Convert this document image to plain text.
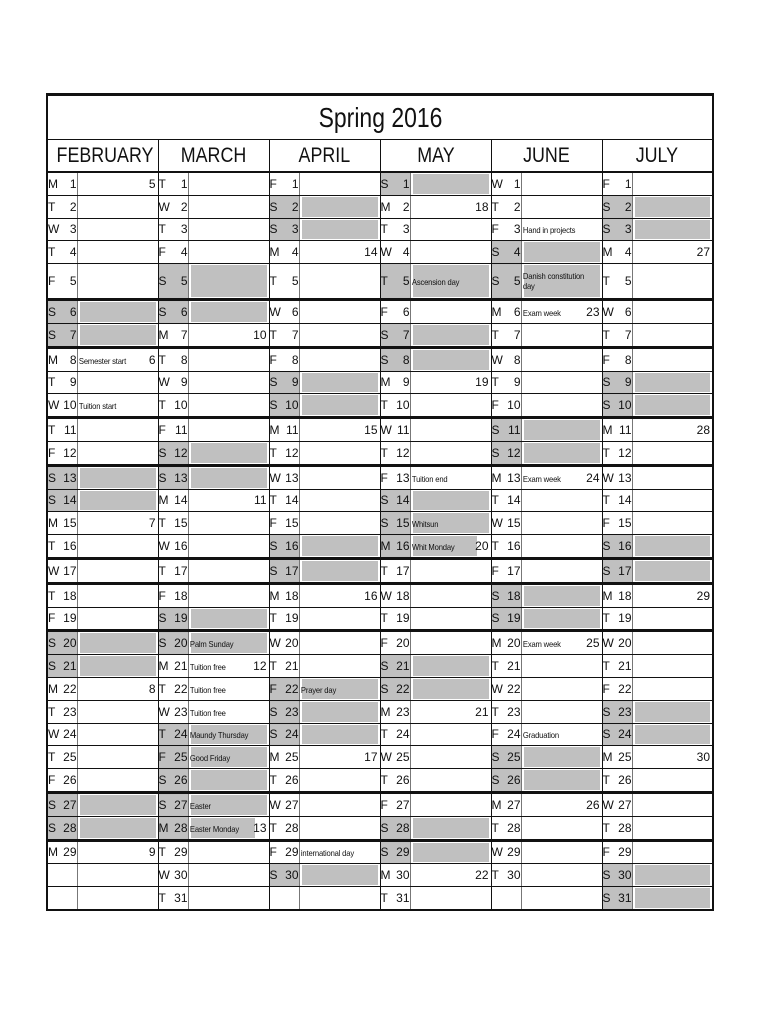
Spring 2016																	
FEBRUARY			MARCH			APRIL			MAY			JUNE			JULY		
M	1	5	T	1		F	1		S	1		W	1		F	1	
T	2		W	2		S	2		M	2	18	T	2		S	2	

W	3		T	3		S	3		T	3		F	3	Hand in projects	S	3	

T	4		F	4		M	4	14	W	4		S	4		M	4	27

F	5		S	5		T	5		T	5	Ascension day	S	5	Danish constitution day	T	5	
S	6		S	6		W	6		F	6		M	6	Exam week 23	W	6	
S	7		M	7	10	T	7		S	7		T	7		T	7	
M	8	Semester start 6	T	8		F	8		S	8		W	8		F	8	
T	9		W	9		S	9		M	9	19	T	9		S	9	

W	10	Tuition start	T	10		S	10		T	10		F	10		S	10	

T	11		F	11		M	11	15	W	11		S	11		M	11	28

F	12		S	12		T	12		T	12		S	12		T	12	
S	13		S	13		W	13		F	13	Tuition end	M	13	Exam week 24	W	13	
S	14		M	14	11	T	14		S	14		T	14		T	14	
M	15	7	T	15		F	15		S	15	Whitsun	W	15		F	15	
T	16		W	16		S	16		M	16	Whit Monday 20	T	16		S	16	

W	17		T	17		S	17		T	17		F	17		S	17	

T	18		F	18		M	18	16	W	18		S	18		M	18	29

F	19		S	19		T	19		T	19		S	19		T	19	
S	20		S	20	Palm Sunday	W	20		F	20		M	20	Exam week 25	W	20	
S	21		M	21	Tuition free 12	T	21		S	21		T	21		T	21	
M	22	8	T	22	Tuition free	F	22	Prayer day	S	22		W	22		F	22	
T	23		W	23	Tuition free	S	23		M	23	21	T	23		S	23	

W	24		T	24	Maundy Thursday	S	24		T	24		F	24	Graduation	S	24	

T	25		F	25	Good Friday	M	25	17	W	25		S	25		M	25	30

F	26		S	26		T	26		T	26		S	26		T	26	
S	27		S	27	Easter	W	27		F	27		M	27	26	W	27	
S	28		M	28	Easter Monday 13	T	28		S	28		T	28		T	28	
M	29	9	T	29		F	29	international day	S	29		W	29		F	29	
			W	30		S	30		M	30	22	T	30		S	30	

			T	31					T	31					S	31	
